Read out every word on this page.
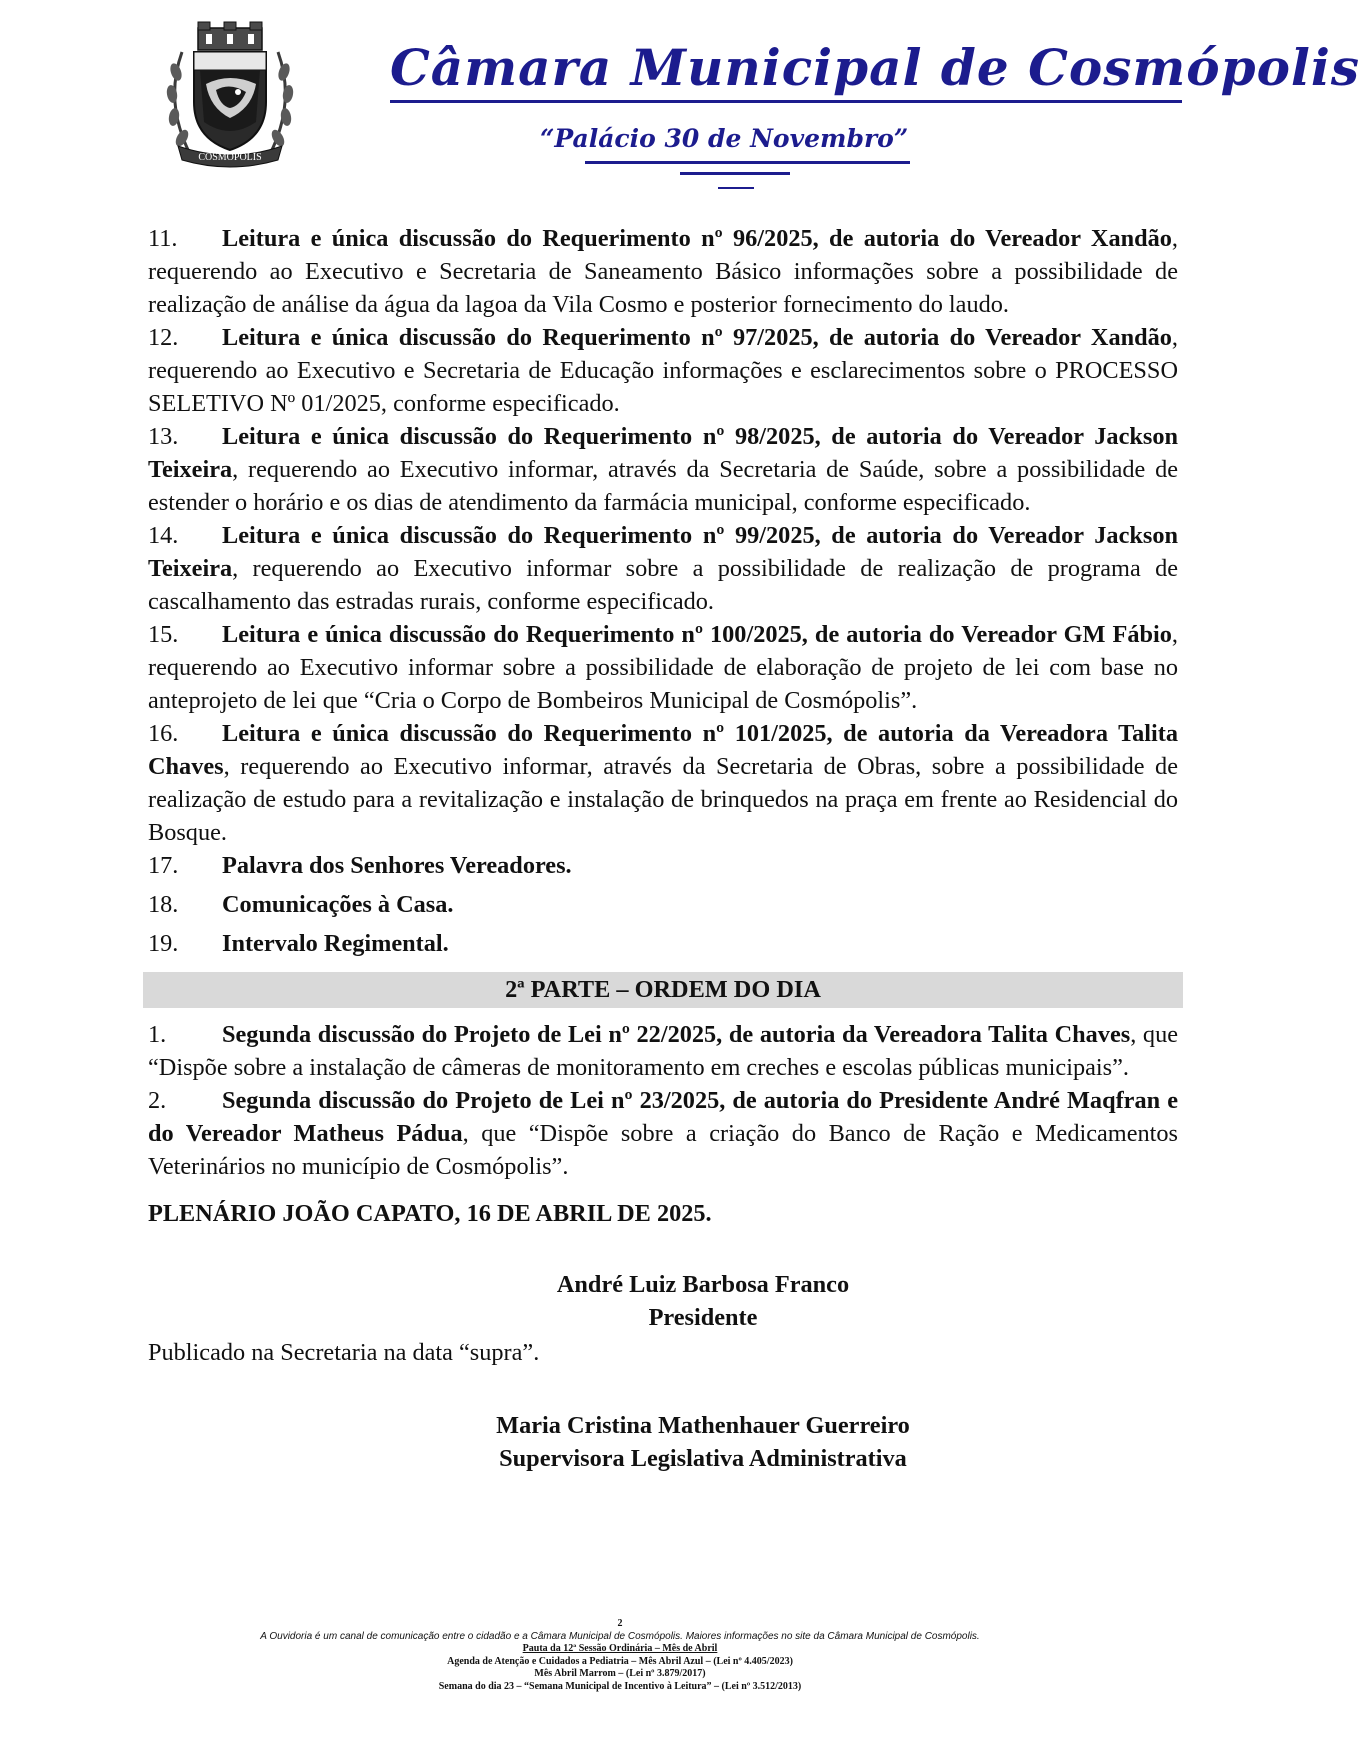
COSMÓPOLIS
Câmara Municipal de Cosmópolis
“Palácio 30 de Novembro”

11. Leitura e única discussão do Requerimento nº 96/2025, de autoria do Vereador Xandão, requerendo ao Executivo e Secretaria de Saneamento Básico informações sobre a possibilidade de realização de análise da água da lagoa da Vila Cosmo e posterior fornecimento do laudo.

12. Leitura e única discussão do Requerimento nº 97/2025, de autoria do Vereador Xandão, requerendo ao Executivo e Secretaria de Educação informações e esclarecimentos sobre o PROCESSO SELETIVO Nº 01/2025, conforme especificado.

13. Leitura e única discussão do Requerimento nº 98/2025, de autoria do Vereador Jackson Teixeira, requerendo ao Executivo informar, através da Secretaria de Saúde, sobre a possibilidade de estender o horário e os dias de atendimento da farmácia municipal, conforme especificado.

14. Leitura e única discussão do Requerimento nº 99/2025, de autoria do Vereador Jackson Teixeira, requerendo ao Executivo informar sobre a possibilidade de realização de programa de cascalhamento das estradas rurais, conforme especificado.

15. Leitura e única discussão do Requerimento nº 100/2025, de autoria do Vereador GM Fábio, requerendo ao Executivo informar sobre a possibilidade de elaboração de projeto de lei com base no anteprojeto de lei que “Cria o Corpo de Bombeiros Municipal de Cosmópolis”.

16. Leitura e única discussão do Requerimento nº 101/2025, de autoria da Vereadora Talita Chaves, requerendo ao Executivo informar, através da Secretaria de Obras, sobre a possibilidade de realização de estudo para a revitalização e instalação de brinquedos na praça em frente ao Residencial do Bosque.

17. Palavra dos Senhores Vereadores.

18. Comunicações à Casa.

19. Intervalo Regimental.

2ª PARTE – ORDEM DO DIA

1. Segunda discussão do Projeto de Lei nº 22/2025, de autoria da Vereadora Talita Chaves, que “Dispõe sobre a instalação de câmeras de monitoramento em creches e escolas públicas municipais”.

2. Segunda discussão do Projeto de Lei nº 23/2025, de autoria do Presidente André Maqfran e do Vereador Matheus Pádua, que “Dispõe sobre a criação do Banco de Ração e Medicamentos Veterinários no município de Cosmópolis”.

PLENÁRIO JOÃO CAPATO, 16 DE ABRIL DE 2025.
André Luiz Barbosa Franco
Presidente
Publicado na Secretaria na data “supra”.
Maria Cristina Mathenhauer Guerreiro
Supervisora Legislativa Administrativa
2
A Ouvidoria é um canal de comunicação entre o cidadão e a Câmara Municipal de Cosmópolis. Maiores informações no site da Câmara Municipal de Cosmópolis.
Pauta da 12ª Sessão Ordinária – Mês de Abril
Agenda de Atenção e Cuidados a Pediatria – Mês Abril Azul – (Lei nº 4.405/2023)
Mês Abril Marrom – (Lei nº 3.879/2017)
Semana do dia 23 – “Semana Municipal de Incentivo à Leitura” – (Lei nº 3.512/2013)
